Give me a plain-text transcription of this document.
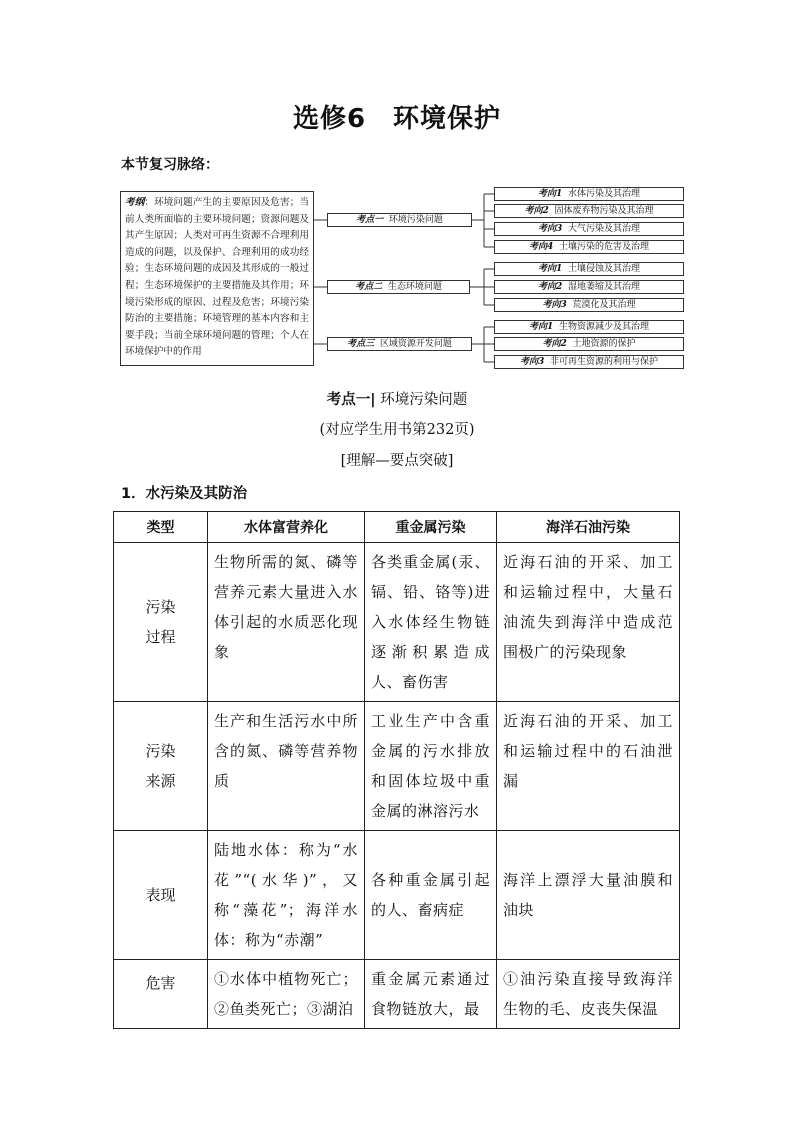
选修6　环境保护
本节复习脉络：
考纲：环境问题产生的主要原因及危害；当前人类所面临的主要环境问题；资源问题及其产生原因；人类对可再生资源不合理利用造成的问题，以及保护、合理利用的成功经验；生态环境问题的成因及其形成的一般过程；生态环境保护的主要措施及其作用；环境污染形成的原因、过程及危害；环境污染防治的主要措施；环境管理的基本内容和主要手段；当前全球环境问题的管理；个人在环境保护中的作用
考点一 环境污染问题
考点二 生态环境问题
考点三 区域资源开发问题
考向1 水体污染及其治理
考向2 固体废弃物污染及其治理
考向3 大气污染及其治理
考向4 土壤污染的危害及治理
考向1 土壤侵蚀及其治理
考向2 湿地萎缩及其治理
考向3 荒漠化及其治理
考向1 生物资源减少及其治理
考向2 土地资源的保护
考向3 非可再生资源的利用与保护
考点一| 环境污染问题
(对应学生用书第232页)
[理解—要点突破]
1．水污染及其防治
类型	水体富营养化	重金属污染	海洋石油污染

污染过程	生物所需的氮、磷等营养元素大量进入水体引起的水质恶化现象	各类重金属(汞、镉、铅、铬等)进入水体经生物链逐渐积累造成人、畜伤害	近海石油的开采、加工和运输过程中，大量石油流失到海洋中造成范围极广的污染现象

污染来源	生产和生活污水中所含的氮、磷等营养物质	工业生产中含重金属的污水排放和固体垃圾中重金属的淋溶污水	近海石油的开采、加工和运输过程中的石油泄漏
表现	陆地水体：称为“水花”“(水华)”，又称“藻花”；海洋水体：称为“赤潮”	各种重金属引起的人、畜病症	海洋上漂浮大量油膜和油块
危害	①水体中植物死亡；②鱼类死亡；③湖泊	重金属元素通过食物链放大，最	①油污染直接导致海洋生物的毛、皮丧失保温
